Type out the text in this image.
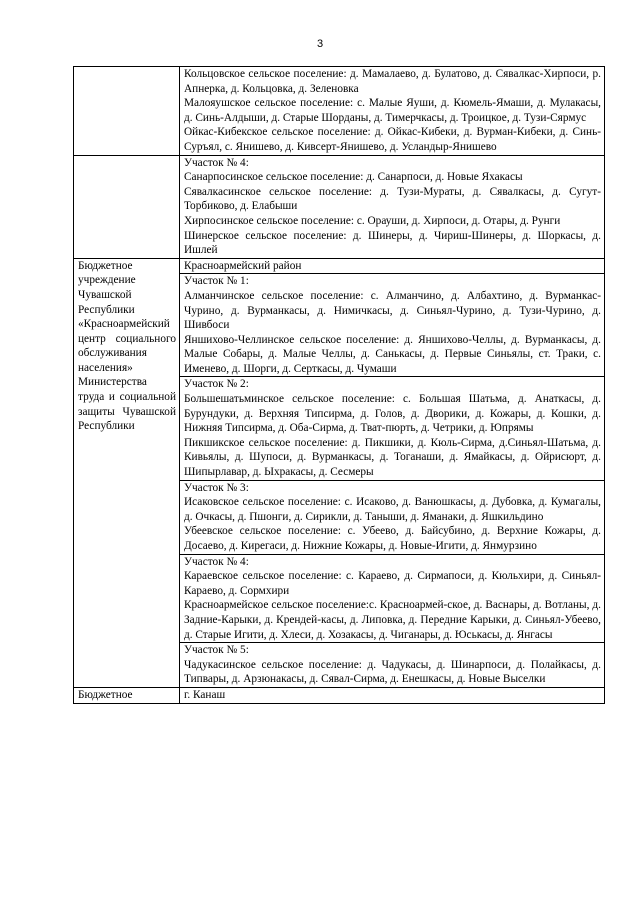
3

	Кольцовское сельское поселение: д. Мамалаево, д. Булатово, д. Сявалкас-Хирпоси, р. Апнерка, д. Кольцовка, д. Зеленовка

Малояушское сельское поселение: с. Малые Яуши, д. Кюмель-Ямаши, д. Мулакасы, д. Синь-Алдыши, д. Старые Шорданы, д. Тимерчкасы, д. Троицкое, д. Тузи-Сярмус

Ойкас-Кибекское сельское поселение: д. Ойкас-Кибеки, д. Вурман-Кибеки, д. Синь-Суръял, с. Янишево, д. Кивсерт-Янишево, д. Усландыр-Янишево

	Участок № 4:

Санарпосинское сельское поселение: д. Санарпоси, д. Новые Яхакасы

Сявалкасинское сельское поселение: д. Тузи-Мураты, д. Сявалкасы, д. Сугут-Торбиково, д. Елабыши

Хирпосинское сельское поселение: с. Орауши, д. Хирпоси, д. Отары, д. Рунги

Шинерское сельское поселение: д. Шинеры, д. Чириш-Шинеры, д. Шоркасы, д. Ишлей

Бюджетное учреждение Чувашской Республики «Красноармейский центр социального обслуживания населения» Министерства труда и социальной защиты Чувашской Республики	Красноармейский район

	Участок № 1:

Алманчинское сельское поселение: с. Алманчино, д. Албахтино, д. Вурманкас-Чурино, д. Вурманкасы, д. Нимичкасы, д. Синьял-Чурино, д. Тузи-Чурино, д. Шивбоси

Яншихово-Челлинское сельское поселение: д. Яншихово-Челлы, д. Вурманкасы, д. Малые Собары, д. Малые Челлы, д. Санькасы, д. Первые Синьялы, ст. Траки, с. Именево, д. Шорги, д. Серткасы, д. Чумаши

	Участок № 2:

Большешатьминское сельское поселение: с. Большая Шатьма, д. Анаткасы, д. Бурундуки, д. Верхняя Типсирма, д. Голов, д. Дворики, д. Кожары, д. Кошки, д. Нижняя Типсирма, д. Оба-Сирма, д. Тват-пюрть, д. Четрики, д. Юпрямы

Пикшикское сельское поселение: д. Пикшики, д. Кюль-Сирма, д.Синьял-Шатьма, д. Кивьялы, д. Шупоси, д. Вурманкасы, д. Тоганаши, д. Ямайкасы, д. Ойрисюрт, д. Шипырлавар, д. Ыхракасы, д. Сесмеры

	Участок № 3:

Исаковское сельское поселение: с. Исаково, д. Ванюшкасы, д. Дубовка, д. Кумагалы, д. Очкасы, д. Пшонги, д. Сирикли, д. Таныши, д. Яманаки, д. Яшкильдино

Убеевское сельское поселение: с. Убеево, д. Байсубино, д. Верхние Кожары, д. Досаево, д. Кирегаси, д. Нижние Кожары, д. Новые-Игити, д. Янмурзино

	Участок № 4:

Караевское сельское поселение: с. Караево, д. Сирмапоси, д. Кюльхири, д. Синьял-Караево, д. Сормхири

Красноармейское сельское поселение:с. Красноармей-ское, д. Васнары, д. Вотланы, д. Задние-Карыки, д. Крендей-касы, д. Липовка, д. Передние Карыки, д. Синьял-Убеево, д. Старые Игити, д. Хлеси, д. Хозакасы, д. Чиганары, д. Юськасы, д. Янгасы

	Участок № 5:

Чадукасинское сельское поселение: д. Чадукасы, д. Шинарпоси, д. Полайкасы, д. Типвары, д. Арзюнакасы, д. Сявал-Сирма, д. Енешкасы, д. Новые Выселки

Бюджетное	г. Канаш
